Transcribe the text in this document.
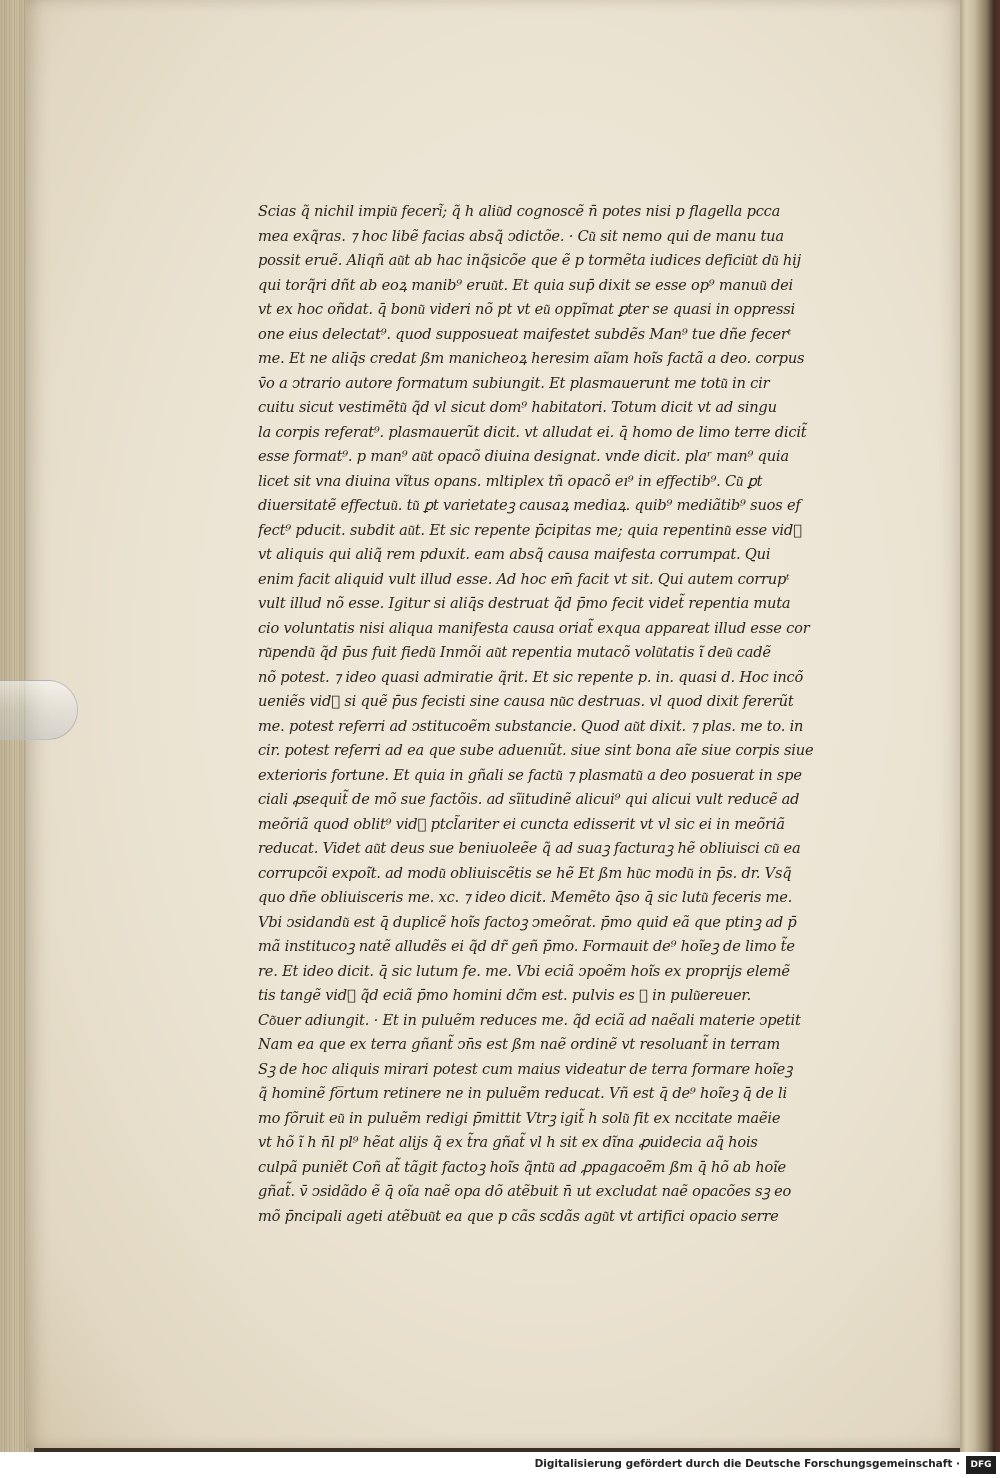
Scias q̃ nichil impiu͂ feceri͂; q̃ h aliu͂d cognoscẽ n̄ potes nisi p flagella pcca
mea exq̃ras. ⁊ hoc libẽ facias absq̃ ↄdictõe. · Cu͂ sit nemo qui de manu tua
possit eruẽ. Aliqñ au͂t ab hac inq̃sicõe que ẽ p tormẽta iudices deficiu͂t du͂ hij
qui torq̃ri dñt ab eoꝝ manib⁹ eruu͂t. Et quia sup̄ dixit se esse op⁹ manuu͂ dei
vt ex hoc oñdat. q̄ bonu͂ videri nõ pt vt eu͂ oppĩmat ꝑter se quasi in oppressi
one eius delectat⁹. quod supposueat maifestet subdẽs Man⁹ tue dñe fecerᵗ
me. Et ne aliq̄s credat ßm manicheoꝝ heresim aı̃am hoı̃s factã a deo. corpus
v̄o a ↄtrario autore formatum subiungit. Et plasmauerunt me totu͂ in cir
cuitu sicut vestimẽtu͂ q̃d vl sicut dom⁹ habitatori. Totum dicit vt ad singu
la corpis referat⁹. plasmauerũt dicit. vt alludat ei. q̄ homo de limo terre dicit̃
esse format⁹. p man⁹ au͂t opacõ diuina designat. vnde dicit. plaʳ man⁹ quia
licet sit vna diuina vĩtus opans. mltiplex tñ opacõ eı⁹ in effectib⁹. Cu͂ ꝑt
diuersitatẽ effectuu͂. tu͂ ꝑt varietateꝫ causaꝝ mediaꝝ. quib⁹ mediãtib⁹ suos ef
fect⁹ pducit. subdit au͂t. Et sic repente p̄cipitas me; quia repentinu͂ esse vidᷓ
vt aliquis qui aliq̃ rem pduxit. eam absq̃ causa maifesta corrumpat. Qui
enim facit aliquid vult illud esse. Ad hoc em̄ facit vt sit. Qui autem corrupᵗ
vult illud nõ esse. Igitur si aliq̄s destruat q̃d p̄mo fecit videt̃ repentia muta
cio voluntatis nisi aliqua manifesta causa oriat̃ exqua appareat illud esse cor
ru͂pendu͂ q̃d p̄us fuit fiedu͂ Inmõi au͂t repentia mutacõ volu͂tatis ĩ deu͂ cadẽ
nõ potest. ⁊ ideo quasi admiratie q̃rit. Et sic repente p. in. quasi d. Hoc incõ
ueniẽs vidᷓ si quẽ p̄us fecisti sine causa nu͂c destruas. vl quod dixit fererũt
me. potest referri ad ↄstitucoẽm substancie. Quod au͂t dixit. ⁊ plas. me to. in
cir. potest referri ad ea que sube aduenıũt. siue sint bona aı̃e siue corpis siue
exterioris fortune. Et quia in gñali se factu͂ ⁊ plasmatu͂ a deo posuerat in spe
ciali ꝓsequit̃ de mõ sue factõis. ad sĩitudinẽ alicui⁹ qui alicui vult reducẽ ad
meõriã quod oblit⁹ vidᷓ ptcl̃ariter ei cuncta edisserit vt vl sic ei in meõriã
reducat. Videt au͂t deus sue beniuoleẽe q̃ ad suaꝫ facturaꝫ hẽ obliuisci cu͂ ea
corrupcõi expoı̃t. ad modu͂ obliuiscẽtis se hẽ Et ßm hu͂c modu͂ in p̄s. dr. Vsq̃
quo dñe obliuisceris me. xc. ⁊ ideo dicit. Memẽto q̄so q̄ sic lutu͂ feceris me.
Vbi ↄsidandu͂ est q̄ duplicẽ hoı̃s factoꝫ ↄmeõrat. p̄mo quid eã que ptinꝫ ad p̄
mã institucoꝫ natẽ alludẽs ei q̃d dr̃ geñ p̄mo. Formauit de⁹ hoı̃eꝫ de limo t̃e
re. Et ideo dicit. q̄ sic lutum fe. me. Vbi eciã ↄpoẽm hoı̃s ex proprijs elemẽ
tis tangẽ vidᷓ q̃d eciã p̄mo homini dc̃m est. pulvis es ⁊ in pulu͂ereuer.
Co͂uer adiungit. · Et in puluẽm reduces me. q̃d eciã ad naẽali materie ↄpetit
Nam ea que ex terra gñant̃ ↄn̄s est ßm naẽ ordinẽ vt resoluant̃ in terram
Sꝫ de hoc aliquis mirari potest cum maius videatur de terra formare hoı̃eꝫ
q̃ hominẽ fo̅rtum retinere ne in puluẽm reducat. Vñ est q̄ de⁹ hoı̃eꝫ q̄ de li
mo fõruit eu͂ in puluẽm redigi p̄mittit Vtrꝫ igit̃ h solu͂ fit ex nccitate maẽie
vt hõ ĩ h n̄l pl⁹ hẽat alijs q̃ ex t̃ra gñat̃ vl h sit ex dĩna ꝓuidecia aq̃ hois
culpã puniẽt Coñ at̃ tãgit factoꝫ hoı̃s q̃ntu͂ ad ꝓpagacoẽm ßm q̄ hõ ab hoı̃e
gñat̃. v̄ ↄsidãdo ẽ q̄ oı̃a naẽ opa dõ atẽbuit n̄ ut excludat naẽ opacões sꝫ eo
mõ p̄ncipali ageti atẽbuu͂t ea que p cãs scdãs agu͂t vt artifici opacio serre
Digitalisierung gefördert durch die Deutsche Forschungsgemeinschaft ·	DFG
